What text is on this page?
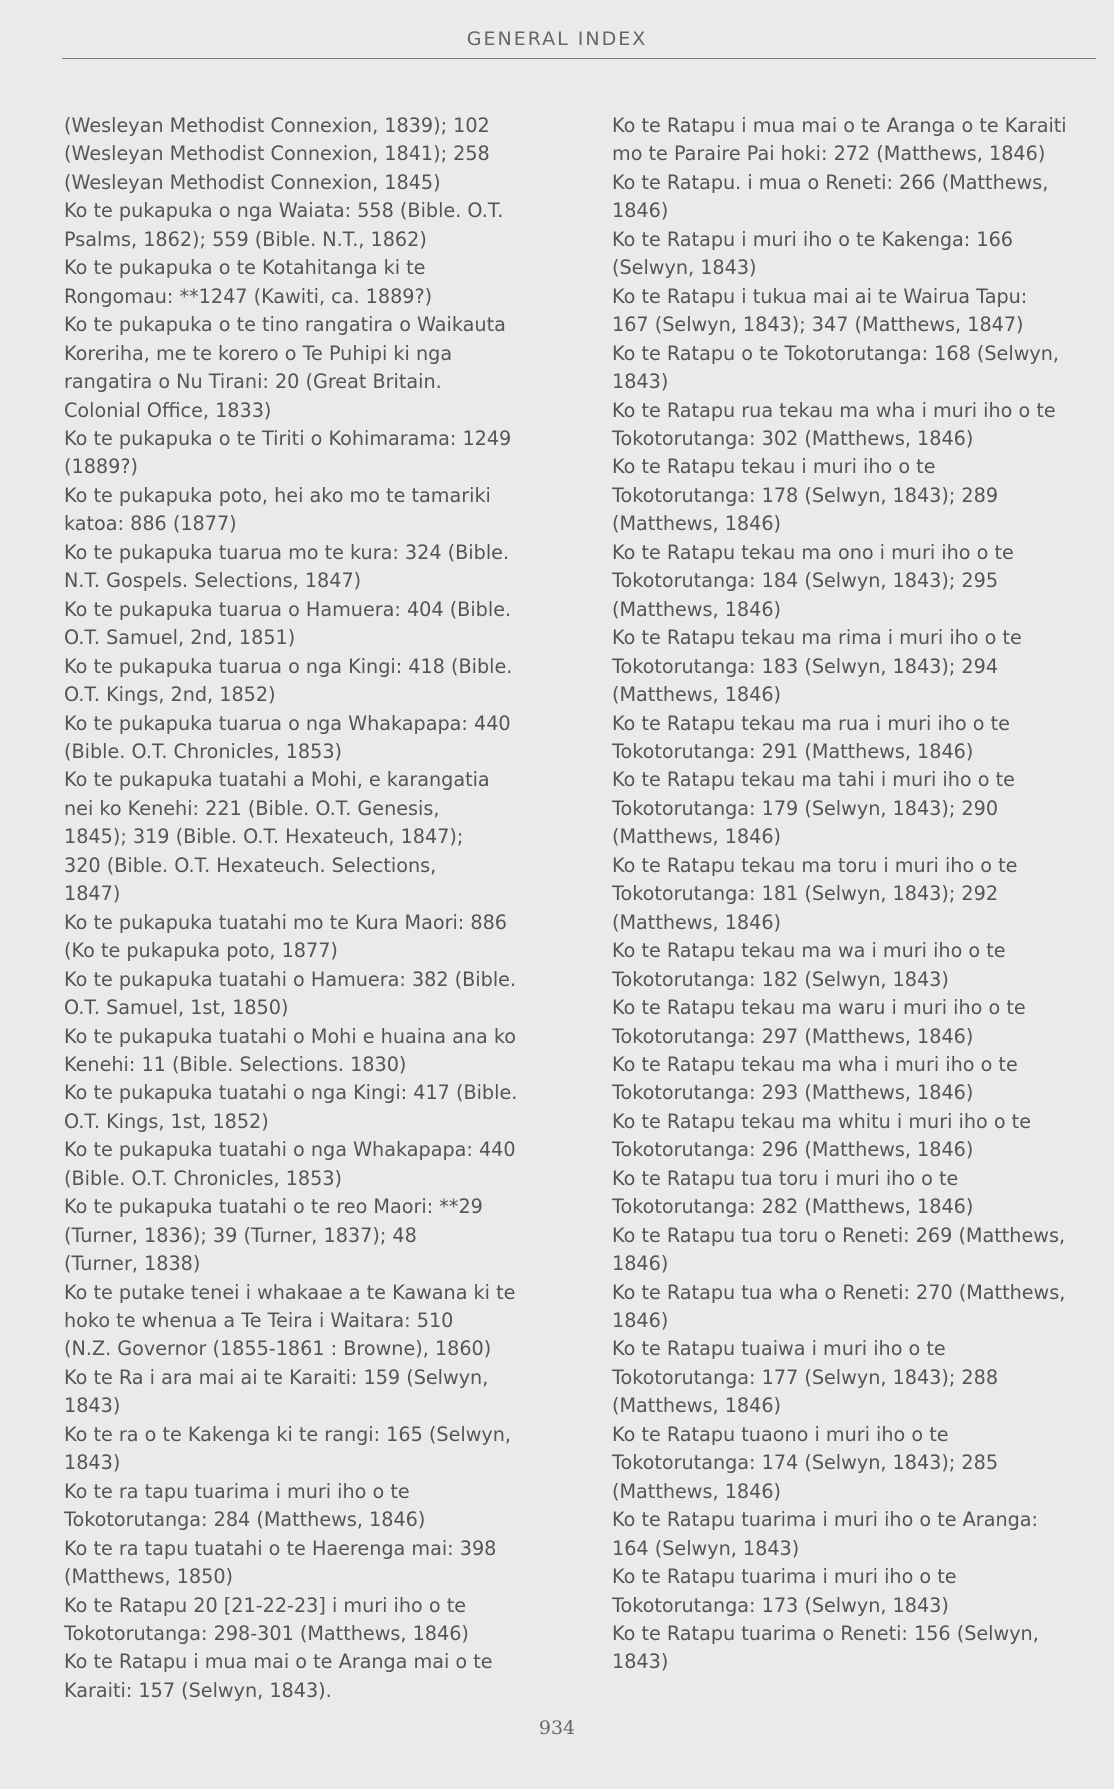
GENERAL INDEX

(Wesleyan Methodist Connexion, 1839); 102
(Wesleyan Methodist Connexion, 1841); 258
(Wesleyan Methodist Connexion, 1845)

Ko te pukapuka o nga Waiata: 558 (Bible. O.T.
Psalms, 1862); 559 (Bible. N.T., 1862)

Ko te pukapuka o te Kotahitanga ki te
Rongomau: **1247 (Kawiti, ca. 1889?)

Ko te pukapuka o te tino rangatira o Waikauta
Koreriha, me te korero o Te Puhipi ki nga
rangatira o Nu Tirani: 20 (Great Britain.
Colonial Office, 1833)

Ko te pukapuka o te Tiriti o Kohimarama: 1249
(1889?)

Ko te pukapuka poto, hei ako mo te tamariki
katoa: 886 (1877)

Ko te pukapuka tuarua mo te kura: 324 (Bible.
N.T. Gospels. Selections, 1847)

Ko te pukapuka tuarua o Hamuera: 404 (Bible.
O.T. Samuel, 2nd, 1851)

Ko te pukapuka tuarua o nga Kingi: 418 (Bible.
O.T. Kings, 2nd, 1852)

Ko te pukapuka tuarua o nga Whakapapa: 440
(Bible. O.T. Chronicles, 1853)

Ko te pukapuka tuatahi a Mohi, e karangatia
nei ko Kenehi: 221 (Bible. O.T. Genesis,
1845); 319 (Bible. O.T. Hexateuch, 1847);
320 (Bible. O.T. Hexateuch. Selections,
1847)

Ko te pukapuka tuatahi mo te Kura Maori: 886
(Ko te pukapuka poto, 1877)

Ko te pukapuka tuatahi o Hamuera: 382 (Bible.
O.T. Samuel, 1st, 1850)

Ko te pukapuka tuatahi o Mohi e huaina ana ko
Kenehi: 11 (Bible. Selections. 1830)

Ko te pukapuka tuatahi o nga Kingi: 417 (Bible.
O.T. Kings, 1st, 1852)

Ko te pukapuka tuatahi o nga Whakapapa: 440
(Bible. O.T. Chronicles, 1853)

Ko te pukapuka tuatahi o te reo Maori: **29
(Turner, 1836); 39 (Turner, 1837); 48
(Turner, 1838)

Ko te putake tenei i whakaae a te Kawana ki te
hoko te whenua a Te Teira i Waitara: 510
(N.Z. Governor (1855-1861 : Browne), 1860)

Ko te Ra i ara mai ai te Karaiti: 159 (Selwyn,
1843)

Ko te ra o te Kakenga ki te rangi: 165 (Selwyn,
1843)

Ko te ra tapu tuarima i muri iho o te
Tokotorutanga: 284 (Matthews, 1846)

Ko te ra tapu tuatahi o te Haerenga mai: 398
(Matthews, 1850)

Ko te Ratapu 20 [21-22-23] i muri iho o te
Tokotorutanga: 298-301 (Matthews, 1846)

Ko te Ratapu i mua mai o te Aranga mai o te
Karaiti: 157 (Selwyn, 1843).

Ko te Ratapu i mua mai o te Aranga o te Karaiti
mo te Paraire Pai hoki: 272 (Matthews, 1846)

Ko te Ratapu. i mua o Reneti: 266 (Matthews,
1846)

Ko te Ratapu i muri iho o te Kakenga: 166
(Selwyn, 1843)

Ko te Ratapu i tukua mai ai te Wairua Tapu:
167 (Selwyn, 1843); 347 (Matthews, 1847)

Ko te Ratapu o te Tokotorutanga: 168 (Selwyn,
1843)

Ko te Ratapu rua tekau ma wha i muri iho o te
Tokotorutanga: 302 (Matthews, 1846)

Ko te Ratapu tekau i muri iho o te
Tokotorutanga: 178 (Selwyn, 1843); 289
(Matthews, 1846)

Ko te Ratapu tekau ma ono i muri iho o te
Tokotorutanga: 184 (Selwyn, 1843); 295
(Matthews, 1846)

Ko te Ratapu tekau ma rima i muri iho o te
Tokotorutanga: 183 (Selwyn, 1843); 294
(Matthews, 1846)

Ko te Ratapu tekau ma rua i muri iho o te
Tokotorutanga: 291 (Matthews, 1846)

Ko te Ratapu tekau ma tahi i muri iho o te
Tokotorutanga: 179 (Selwyn, 1843); 290
(Matthews, 1846)

Ko te Ratapu tekau ma toru i muri iho o te
Tokotorutanga: 181 (Selwyn, 1843); 292
(Matthews, 1846)

Ko te Ratapu tekau ma wa i muri iho o te
Tokotorutanga: 182 (Selwyn, 1843)

Ko te Ratapu tekau ma waru i muri iho o te
Tokotorutanga: 297 (Matthews, 1846)

Ko te Ratapu tekau ma wha i muri iho o te
Tokotorutanga: 293 (Matthews, 1846)

Ko te Ratapu tekau ma whitu i muri iho o te
Tokotorutanga: 296 (Matthews, 1846)

Ko te Ratapu tua toru i muri iho o te
Tokotorutanga: 282 (Matthews, 1846)

Ko te Ratapu tua toru o Reneti: 269 (Matthews,
1846)

Ko te Ratapu tua wha o Reneti: 270 (Matthews,
1846)

Ko te Ratapu tuaiwa i muri iho o te
Tokotorutanga: 177 (Selwyn, 1843); 288
(Matthews, 1846)

Ko te Ratapu tuaono i muri iho o te
Tokotorutanga: 174 (Selwyn, 1843); 285
(Matthews, 1846)

Ko te Ratapu tuarima i muri iho o te Aranga:
164 (Selwyn, 1843)

Ko te Ratapu tuarima i muri iho o te
Tokotorutanga: 173 (Selwyn, 1843)

Ko te Ratapu tuarima o Reneti: 156 (Selwyn,
1843)

934
